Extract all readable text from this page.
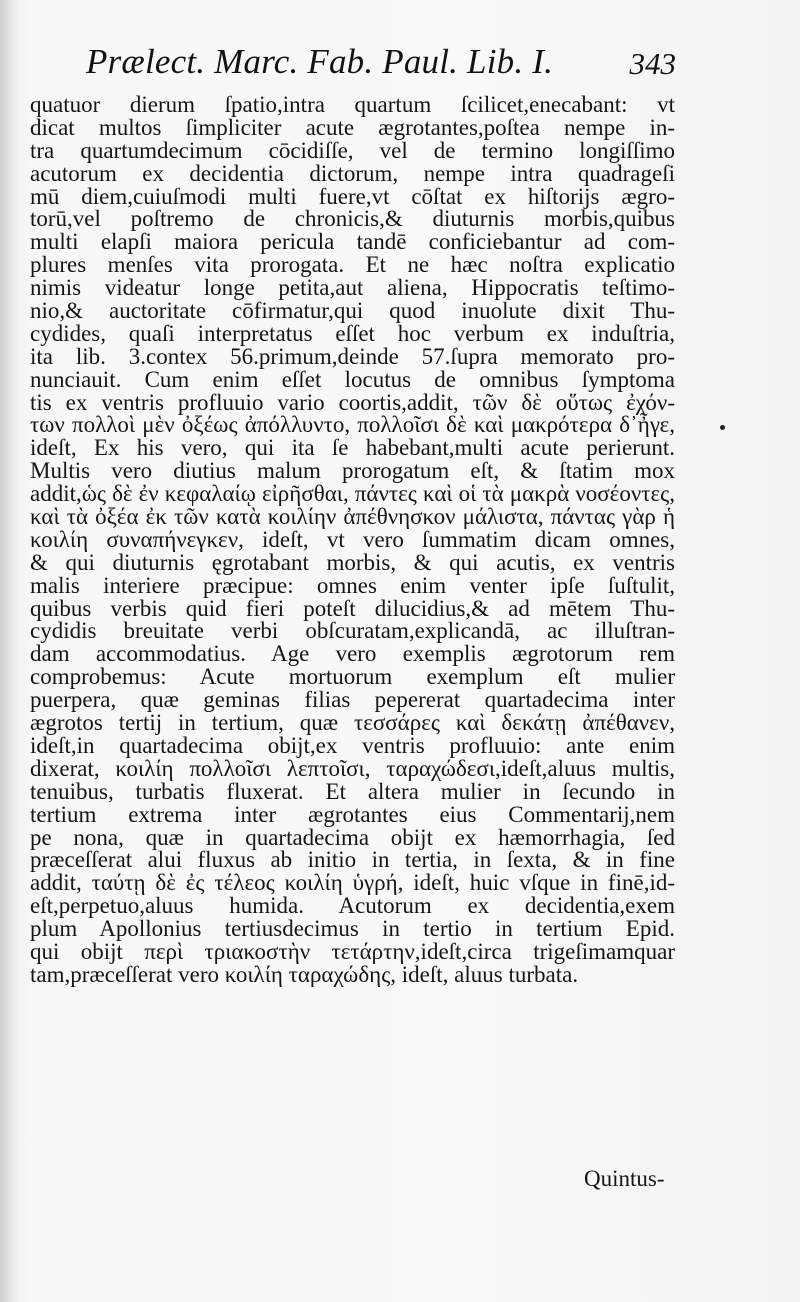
Prælect. Marc. Fab. Paul. Lib. I. 343
quatuor dierum ſpatio,intra quartum ſcilicet,enecabant: vt
dicat multos ſimpliciter acute ægrotantes,poſtea nempe in-
tra quartumdecimum cōcidiſſe, vel de termino longiſſimo
acutorum ex decidentia dictorum, nempe intra quadrageſi
mū diem,cuiuſmodi multi fuere,vt cōſtat ex hiſtorijs ægro-
torū,vel poſtremo de chronicis,& diuturnis morbis,quibus
multi elapſi maiora pericula tandē conficiebantur ad com-
plures menſes vita prorogata. Et ne hæc noſtra explicatio
nimis videatur longe petita,aut aliena, Hippocratis teſtimo-
nio,& auctoritate cōfirmatur,qui quod inuolute dixit Thu-
cydides, quaſi interpretatus eſſet hoc verbum ex induſtria,
ita lib. 3.contex 56.primum,deinde 57.ſupra memorato pro-
nunciauit. Cum enim eſſet locutus de omnibus ſymptoma
tis ex ventris profluuio vario coortis,addit, τῶν δὲ οὕτως ἐχόν-
των πολλοὶ μὲν ὀξέως ἀπόλλυντο, πολλοῖσι δὲ καὶ μακρότερα δ᾽ἦγε,
ideſt, Ex his vero, qui ita ſe habebant,multi acute perierunt.
Multis vero diutius malum prorogatum eſt, & ſtatim mox
addit,ὡς δὲ ἐν κεφαλαίῳ εἰρῆσθαι, πάντες καὶ οἱ τὰ μακρὰ νοσέοντες,
καὶ τὰ ὀξέα ἐκ τῶν κατὰ κοιλίην ἀπέθνησκον μάλιστα, πάντας γὰρ ἡ
κοιλίη συναπήνεγκεν, ideſt, vt vero ſummatim dicam omnes,
& qui diuturnis ęgrotabant morbis, & qui acutis, ex ventris
malis interiere præcipue: omnes enim venter ipſe ſuſtulit,
quibus verbis quid fieri poteſt dilucidius,& ad mētem Thu-
cydidis breuitate verbi obſcuratam,explicandā, ac illuſtran-
dam accommodatius. Age vero exemplis ægrotorum rem
comprobemus: Acute mortuorum exemplum eſt mulier
puerpera, quæ geminas filias pepererat quartadecima inter
ægrotos tertij in tertium, quæ τεσσάρες καὶ δεκάτῃ ἀπέθανεν,
ideſt,in quartadecima obijt,ex ventris profluuio: ante enim
dixerat, κοιλίη πολλοῖσι λεπτοῖσι, ταραχώδεσι,ideſt,aluus multis,
tenuibus, turbatis fluxerat. Et altera mulier in ſecundo in
tertium extrema inter ægrotantes eius Commentarij,nem
pe nona, quæ in quartadecima obijt ex hæmorrhagia, ſed
præceſſerat alui fluxus ab initio in tertia, in ſexta, & in fine
addit, ταύτῃ δὲ ἐς τέλεος κοιλίη ὑγρή, ideſt, huic vſque in finē,id-
eſt,perpetuo,aluus humida. Acutorum ex decidentia,exem
plum Apollonius tertiusdecimus in tertio in tertium Epid.
qui obijt περὶ τριακοστὴν τετάρτην,ideſt,circa trigeſimamquar
tam,præceſſerat vero κοιλίη ταραχώδης, ideſt, aluus turbata.
Quintus-
